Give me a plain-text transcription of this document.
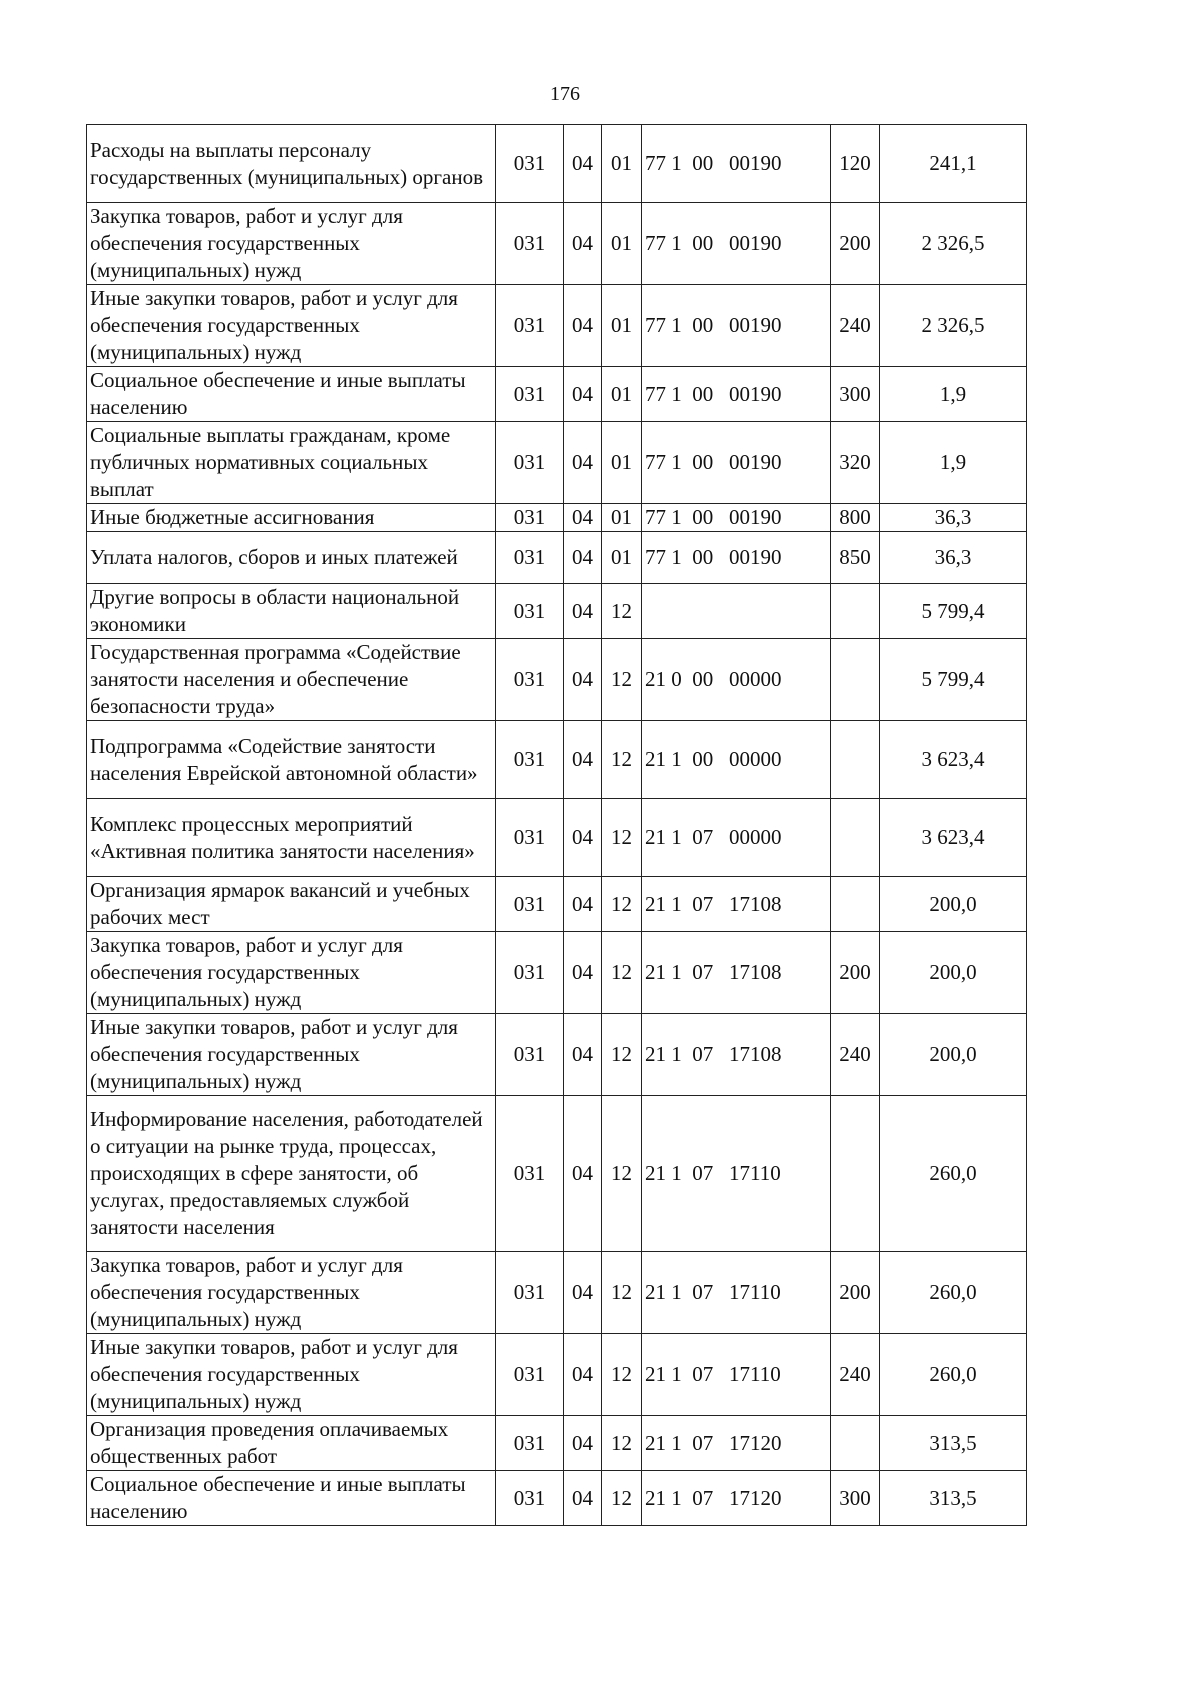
176
Расходы на выплаты персоналу государственных (муниципальных) органов	031	04	01	77 1  00   00190	120	241,1
Закупка товаров, работ и услуг для обеспечения государственных (муниципальных) нужд	031	04	01	77 1  00   00190	200	2 326,5
Иные закупки товаров, работ и услуг для обеспечения государственных (муниципальных) нужд	031	04	01	77 1  00   00190	240	2 326,5
Социальное обеспечение и иные выплаты населению	031	04	01	77 1  00   00190	300	1,9
Социальные выплаты гражданам, кроме публичных нормативных социальных выплат	031	04	01	77 1  00   00190	320	1,9
Иные бюджетные ассигнования	031	04	01	77 1  00   00190	800	36,3
Уплата налогов, сборов и иных платежей	031	04	01	77 1  00   00190	850	36,3
Другие вопросы в области национальной экономики	031	04	12			5 799,4
Государственная программа «Содействие занятости населения и обеспечение безопасности труда»	031	04	12	21 0  00   00000		5 799,4
Подпрограмма «Содействие занятости населения Еврейской автономной области»	031	04	12	21 1  00   00000		3 623,4
Комплекс процессных мероприятий «Активная политика занятости населения»	031	04	12	21 1  07   00000		3 623,4
Организация ярмарок вакансий и учебных рабочих мест	031	04	12	21 1  07   17108		200,0
Закупка товаров, работ и услуг для обеспечения государственных (муниципальных) нужд	031	04	12	21 1  07   17108	200	200,0
Иные закупки товаров, работ и услуг для обеспечения государственных (муниципальных) нужд	031	04	12	21 1  07   17108	240	200,0
Информирование населения, работодателей о ситуации на рынке труда, процессах, происходящих в сфере занятости, об услугах, предоставляемых службой занятости населения	031	04	12	21 1  07   17110		260,0
Закупка товаров, работ и услуг для обеспечения государственных (муниципальных) нужд	031	04	12	21 1  07   17110	200	260,0
Иные закупки товаров, работ и услуг для обеспечения государственных (муниципальных) нужд	031	04	12	21 1  07   17110	240	260,0
Организация проведения оплачиваемых общественных работ	031	04	12	21 1  07   17120		313,5
Социальное обеспечение и иные выплаты населению	031	04	12	21 1  07   17120	300	313,5
